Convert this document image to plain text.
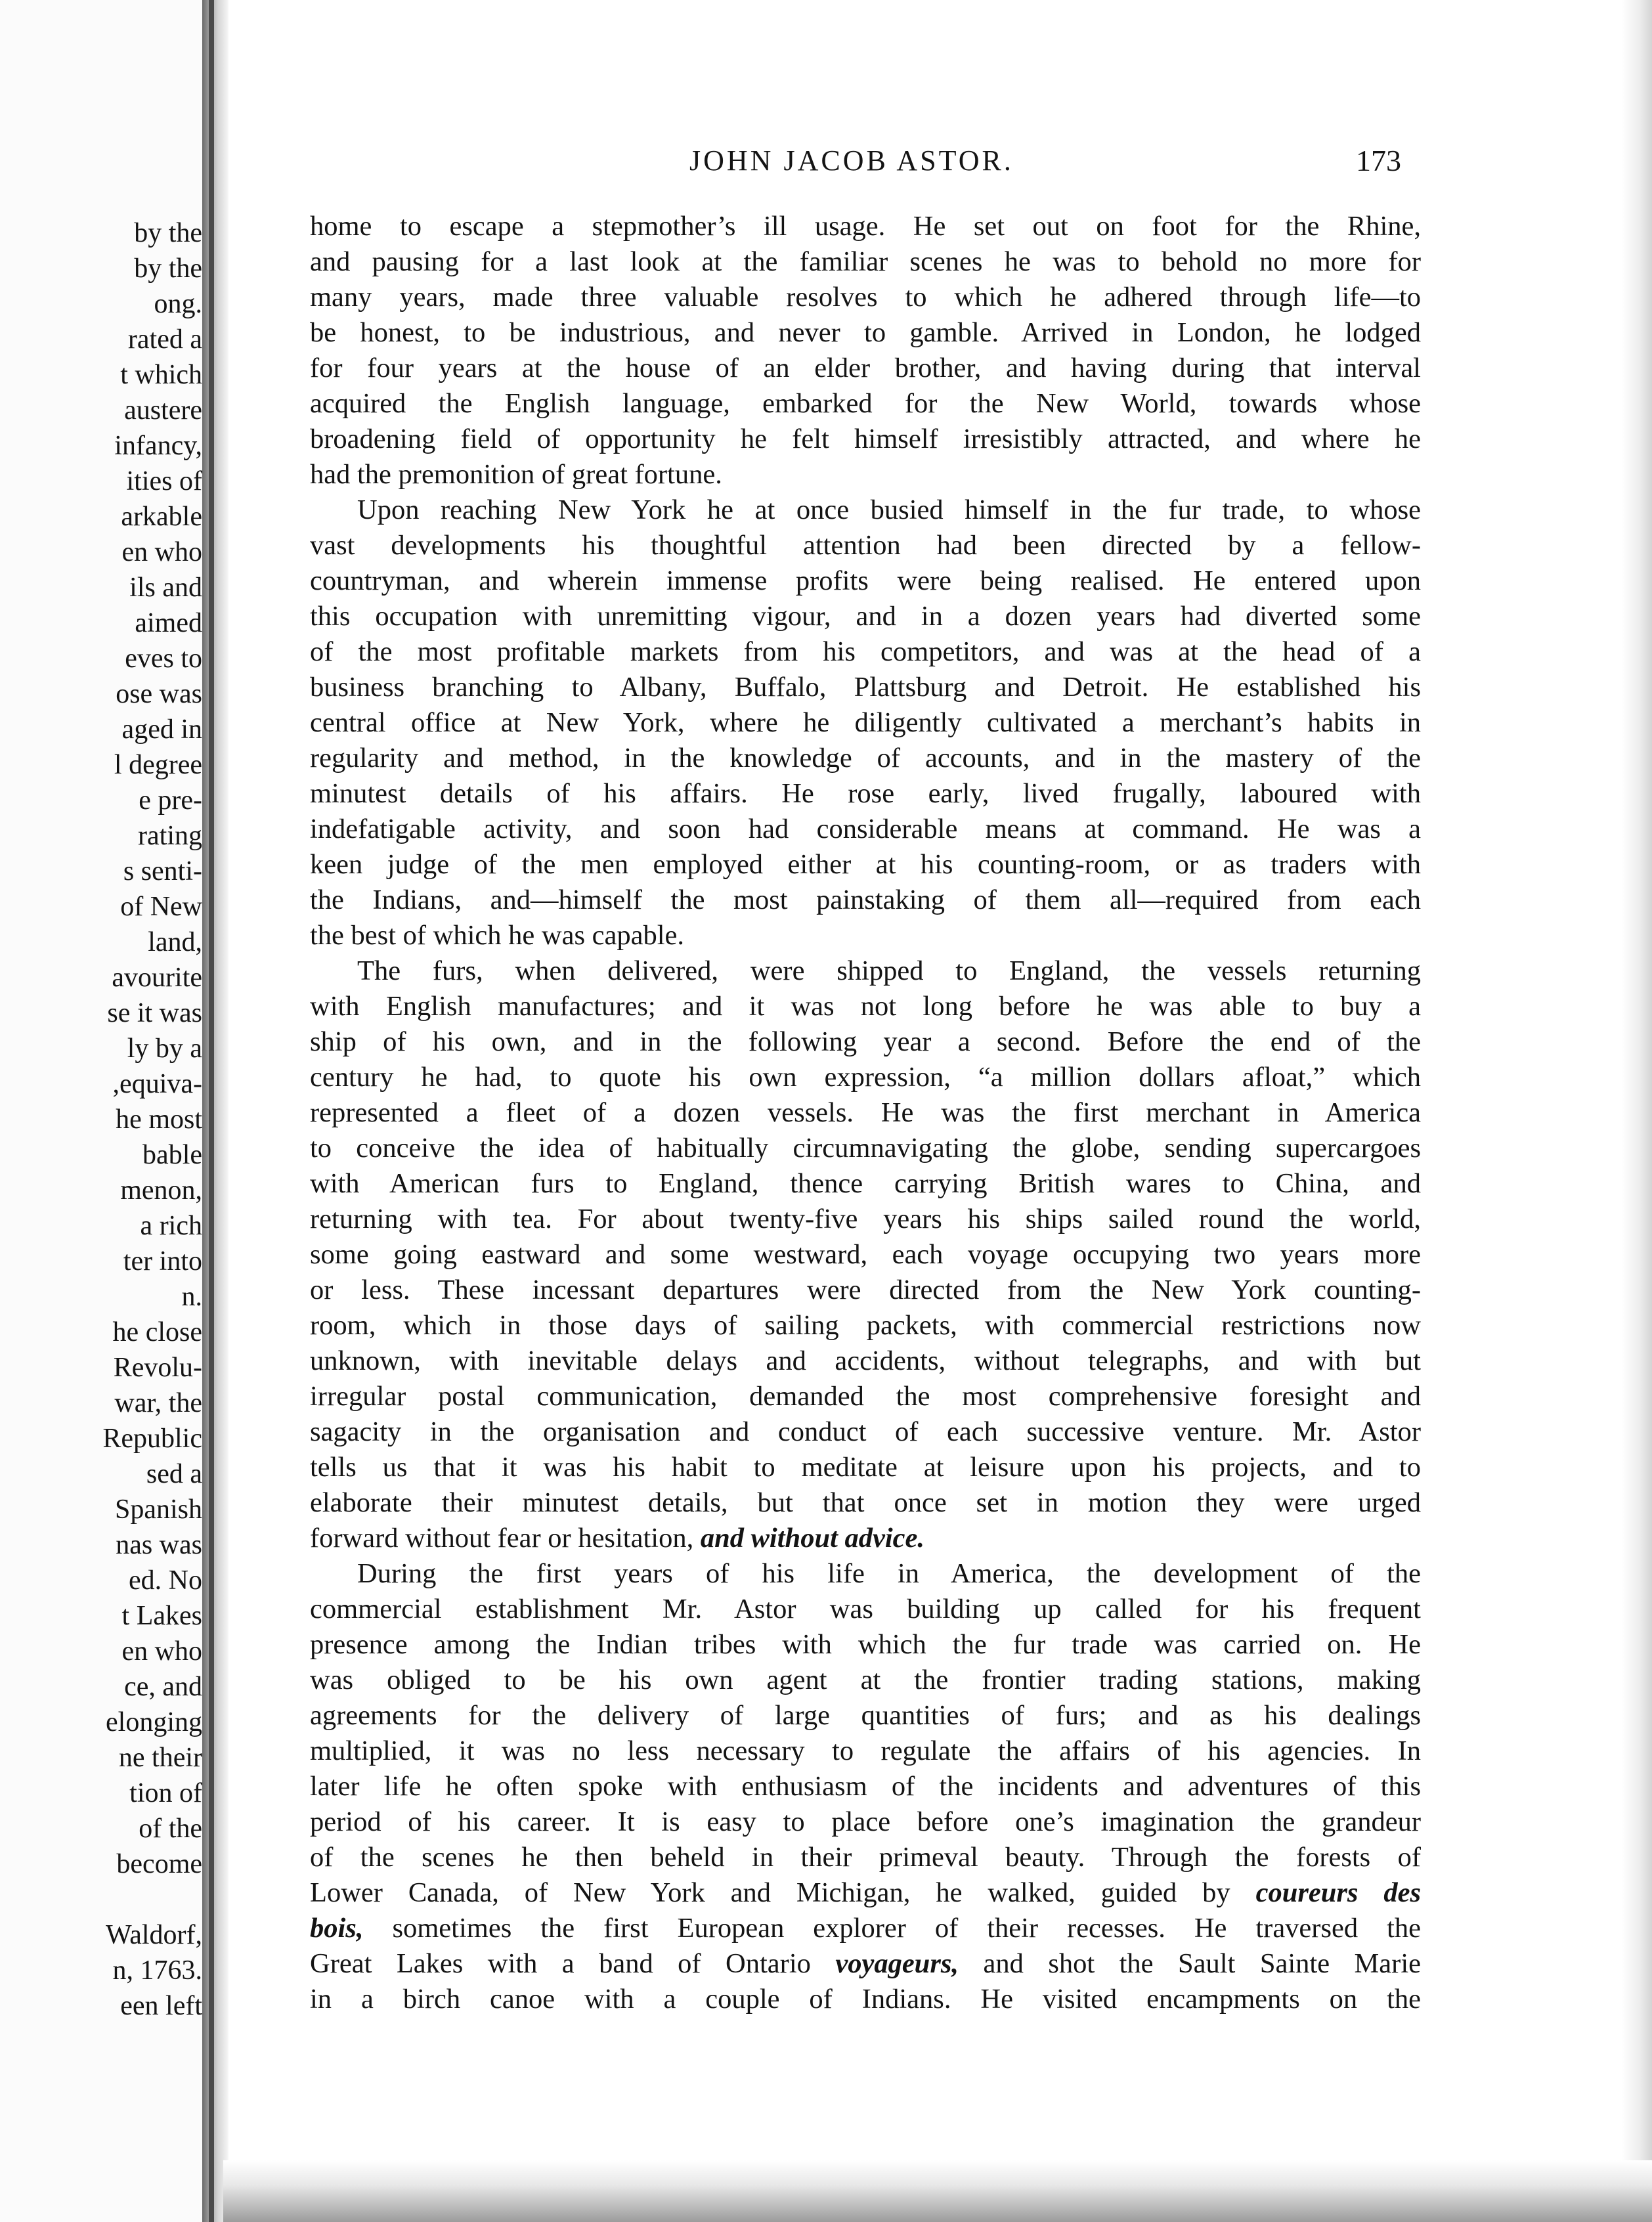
by the
by the
ong.
rated a
t which
austere
infancy,
ities of
arkable
en who
ils and
aimed
eves to
ose was
aged in
l degree
e pre-
rating
s senti-
of New
land,
avourite
se it was
ly by a
,equiva-
he most
bable
menon,
a rich
ter into
n.
he close
Revolu-
war, the
Republic
sed a
Spanish
nas was
ed. No
t Lakes
en who
ce, and
elonging
ne their
tion of
of the
become
Waldorf,
n, 1763.
een left
JOHN JACOB ASTOR.	173
home to escape a stepmother’s ill usage. He set out on foot for the Rhine,
and pausing for a last look at the familiar scenes he was to behold no more for
many years, made three valuable resolves to which he adhered through life—to
be honest, to be industrious, and never to gamble. Arrived in London, he lodged
for four years at the house of an elder brother, and having during that interval
acquired the English language, embarked for the New World, towards whose
broadening field of opportunity he felt himself irresistibly attracted, and where he
had the premonition of great fortune.
Upon reaching New York he at once busied himself in the fur trade, to whose
vast developments his thoughtful attention had been directed by a fellow-
countryman, and wherein immense profits were being realised. He entered upon
this occupation with unremitting vigour, and in a dozen years had diverted some
of the most profitable markets from his competitors, and was at the head of a
business branching to Albany, Buffalo, Plattsburg and Detroit. He established his
central office at New York, where he diligently cultivated a merchant’s habits in
regularity and method, in the knowledge of accounts, and in the mastery of the
minutest details of his affairs. He rose early, lived frugally, laboured with
indefatigable activity, and soon had considerable means at command. He was a
keen judge of the men employed either at his counting-room, or as traders with
the Indians, and—himself the most painstaking of them all—required from each
the best of which he was capable.
The furs, when delivered, were shipped to England, the vessels returning
with English manufactures; and it was not long before he was able to buy a
ship of his own, and in the following year a second. Before the end of the
century he had, to quote his own expression, “a million dollars afloat,” which
represented a fleet of a dozen vessels. He was the first merchant in America
to conceive the idea of habitually circumnavigating the globe, sending supercargoes
with American furs to England, thence carrying British wares to China, and
returning with tea. For about twenty-five years his ships sailed round the world,
some going eastward and some westward, each voyage occupying two years more
or less. These incessant departures were directed from the New York counting-
room, which in those days of sailing packets, with commercial restrictions now
unknown, with inevitable delays and accidents, without telegraphs, and with but
irregular postal communication, demanded the most comprehensive foresight and
sagacity in the organisation and conduct of each successive venture. Mr. Astor
tells us that it was his habit to meditate at leisure upon his projects, and to
elaborate their minutest details, but that once set in motion they were urged
forward without fear or hesitation, and without advice.
During the first years of his life in America, the development of the
commercial establishment Mr. Astor was building up called for his frequent
presence among the Indian tribes with which the fur trade was carried on. He
was obliged to be his own agent at the frontier trading stations, making
agreements for the delivery of large quantities of furs; and as his dealings
multiplied, it was no less necessary to regulate the affairs of his agencies. In
later life he often spoke with enthusiasm of the incidents and adventures of this
period of his career. It is easy to place before one’s imagination the grandeur
of the scenes he then beheld in their primeval beauty. Through the forests of
Lower Canada, of New York and Michigan, he walked, guided by coureurs des
bois, sometimes the first European explorer of their recesses. He traversed the
Great Lakes with a band of Ontario voyageurs, and shot the Sault Sainte Marie
in a birch canoe with a couple of Indians. He visited encampments on the
